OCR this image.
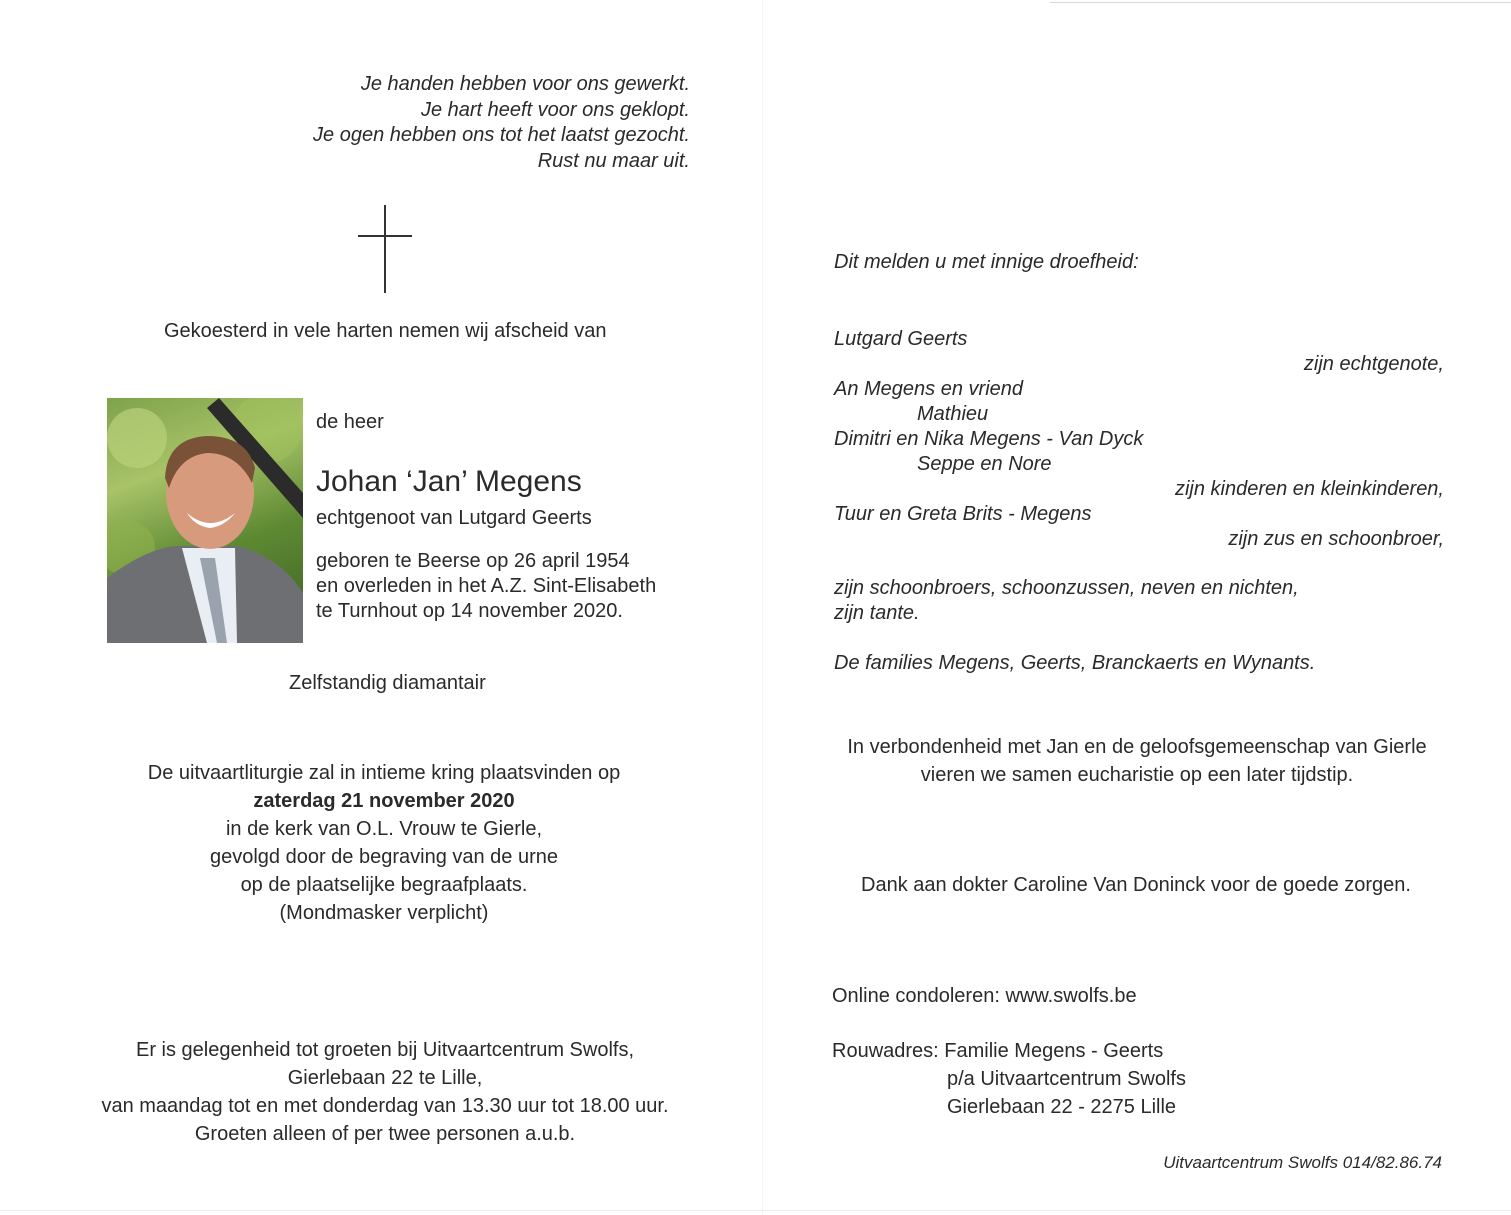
Je handen hebben voor ons gewerkt.
Je hart heeft voor ons geklopt.
Je ogen hebben ons tot het laatst gezocht.
Rust nu maar uit.
Gekoesterd in vele harten nemen wij afscheid van
de heer
Johan ‘Jan’ Megens
echtgenoot van Lutgard Geerts
geboren te Beerse op 26 april 1954
en overleden in het A.Z. Sint-Elisabeth
te Turnhout op 14 november 2020.
Zelfstandig diamantair
De uitvaartliturgie zal in intieme kring plaatsvinden op
zaterdag 21 november 2020
in de kerk van O.L. Vrouw te Gierle,
gevolgd door de begraving van de urne
op de plaatselijke begraafplaats.
(Mondmasker verplicht)
Er is gelegenheid tot groeten bij Uitvaartcentrum Swolfs,
Gierlebaan 22 te Lille,
van maandag tot en met donderdag van 13.30 uur tot 18.00 uur.
Groeten alleen of per twee personen a.u.b.
Dit melden u met innige droefheid:
Lutgard Geerts
zijn echtgenote,
An Megens en vriend
Mathieu
Dimitri en Nika Megens - Van Dyck
Seppe en Nore
zijn kinderen en kleinkinderen,
Tuur en Greta Brits - Megens
zijn zus en schoonbroer,
zijn schoonbroers, schoonzussen, neven en nichten,
zijn tante.
De families Megens, Geerts, Branckaerts en Wynants.
In verbondenheid met Jan en de geloofsgemeenschap van Gierle
vieren we samen eucharistie op een later tijdstip.
Dank aan dokter Caroline Van Doninck voor de goede zorgen.
Online condoleren: www.swolfs.be
Rouwadres: Familie Megens - Geerts
p/a Uitvaartcentrum Swolfs
Gierlebaan 22 - 2275 Lille
Uitvaartcentrum Swolfs 014/82.86.74
